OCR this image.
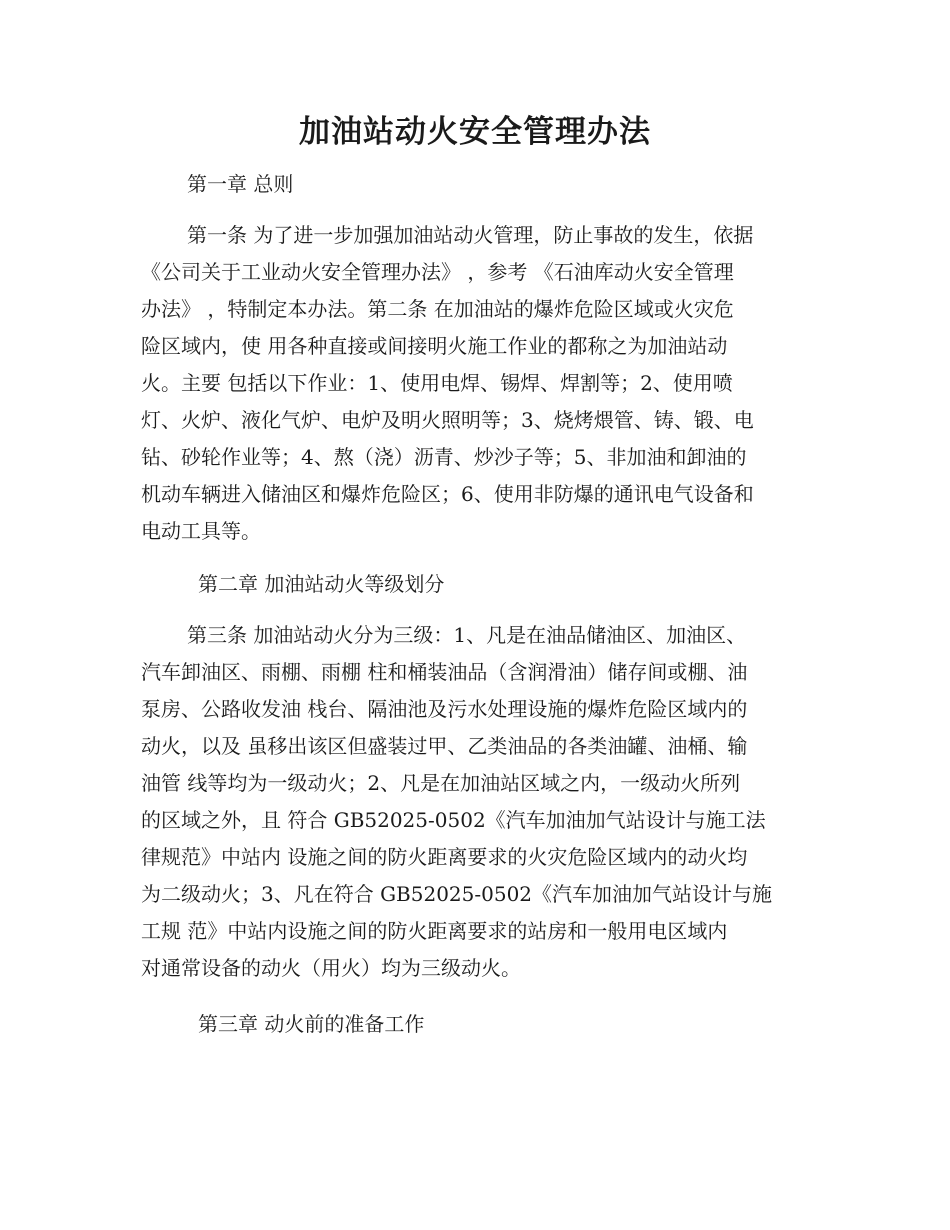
加油站动火安全管理办法

第一章 总则

第一条 为了进一步加强加油站动火管理，防止事故的发生，依据
《公司关于工业动火安全管理办法》 ，参考 《石油库动火安全管理
办法》 ，特制定本办法。第二条 在加油站的爆炸危险区域或火灾危
险区域内，使 用各种直接或间接明火施工作业的都称之为加油站动
火。主要 包括以下作业：1、使用电焊、锡焊、焊割等；2、使用喷
灯、火炉、液化气炉、电炉及明火照明等；3、烧烤煨管、铸、锻、电
钻、砂轮作业等；4、熬（浇）沥青、炒沙子等；5、非加油和卸油的
机动车辆进入储油区和爆炸危险区；6、使用非防爆的通讯电气设备和
电动工具等。

第二章 加油站动火等级划分

第三条 加油站动火分为三级：1、凡是在油品储油区、加油区、
汽车卸油区、雨棚、雨棚 柱和桶装油品（含润滑油）储存间或棚、油
泵房、公路收发油 栈台、隔油池及污水处理设施的爆炸危险区域内的
动火，以及 虽移出该区但盛装过甲、乙类油品的各类油罐、油桶、输
油管 线等均为一级动火；2、凡是在加油站区域之内，一级动火所列
的区域之外，且 符合 GB52025-0502《汽车加油加气站设计与施工法
律规范》中站内 设施之间的防火距离要求的火灾危险区域内的动火均
为二级动火；3、凡在符合 GB52025-0502《汽车加油加气站设计与施
工规 范》中站内设施之间的防火距离要求的站房和一般用电区域内
对通常设备的动火（用火）均为三级动火。

第三章 动火前的准备工作
